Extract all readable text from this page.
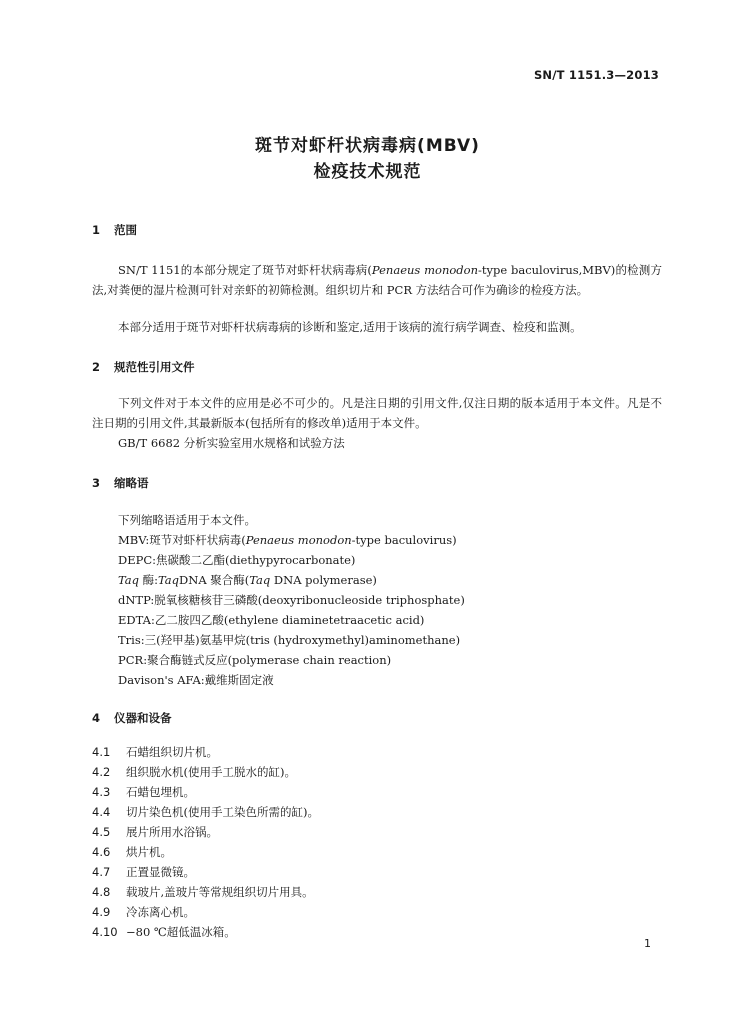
SN/T 1151.3—2013
斑节对虾杆状病毒病(MBV)
检疫技术规范
1 范围
SN/T 1151的本部分规定了斑节对虾杆状病毒病(Penaeus monodon-type baculovirus,MBV)的检测方法,对粪便的湿片检测可针对亲虾的初筛检测。组织切片和 PCR 方法结合可作为确诊的检疫方法。
本部分适用于斑节对虾杆状病毒病的诊断和鉴定,适用于该病的流行病学调查、检疫和监测。
2 规范性引用文件
下列文件对于本文件的应用是必不可少的。凡是注日期的引用文件,仅注日期的版本适用于本文件。凡是不注日期的引用文件,其最新版本(包括所有的修改单)适用于本文件。
GB/T 6682 分析实验室用水规格和试验方法
3 缩略语
下列缩略语适用于本文件。
MBV:斑节对虾杆状病毒(Penaeus monodon-type baculovirus)
DEPC:焦碳酸二乙酯(diethypyrocarbonate)
Taq 酶:TaqDNA 聚合酶(Taq DNA polymerase)
dNTP:脱氧核糖核苷三磷酸(deoxyribonucleoside triphosphate)
EDTA:乙二胺四乙酸(ethylene diaminetetraacetic acid)
Tris:三(羟甲基)氨基甲烷(tris (hydroxymethyl)aminomethane)
PCR:聚合酶链式反应(polymerase chain reaction)
Davison's AFA:戴维斯固定液
4 仪器和设备
4.1 石蜡组织切片机。
4.2 组织脱水机(使用手工脱水的缸)。
4.3 石蜡包埋机。
4.4 切片染色机(使用手工染色所需的缸)。
4.5 展片所用水浴锅。
4.6 烘片机。
4.7 正置显微镜。
4.8 载玻片,盖玻片等常规组织切片用具。
4.9 冷冻离心机。
4.10 −80 ℃超低温冰箱。
1
